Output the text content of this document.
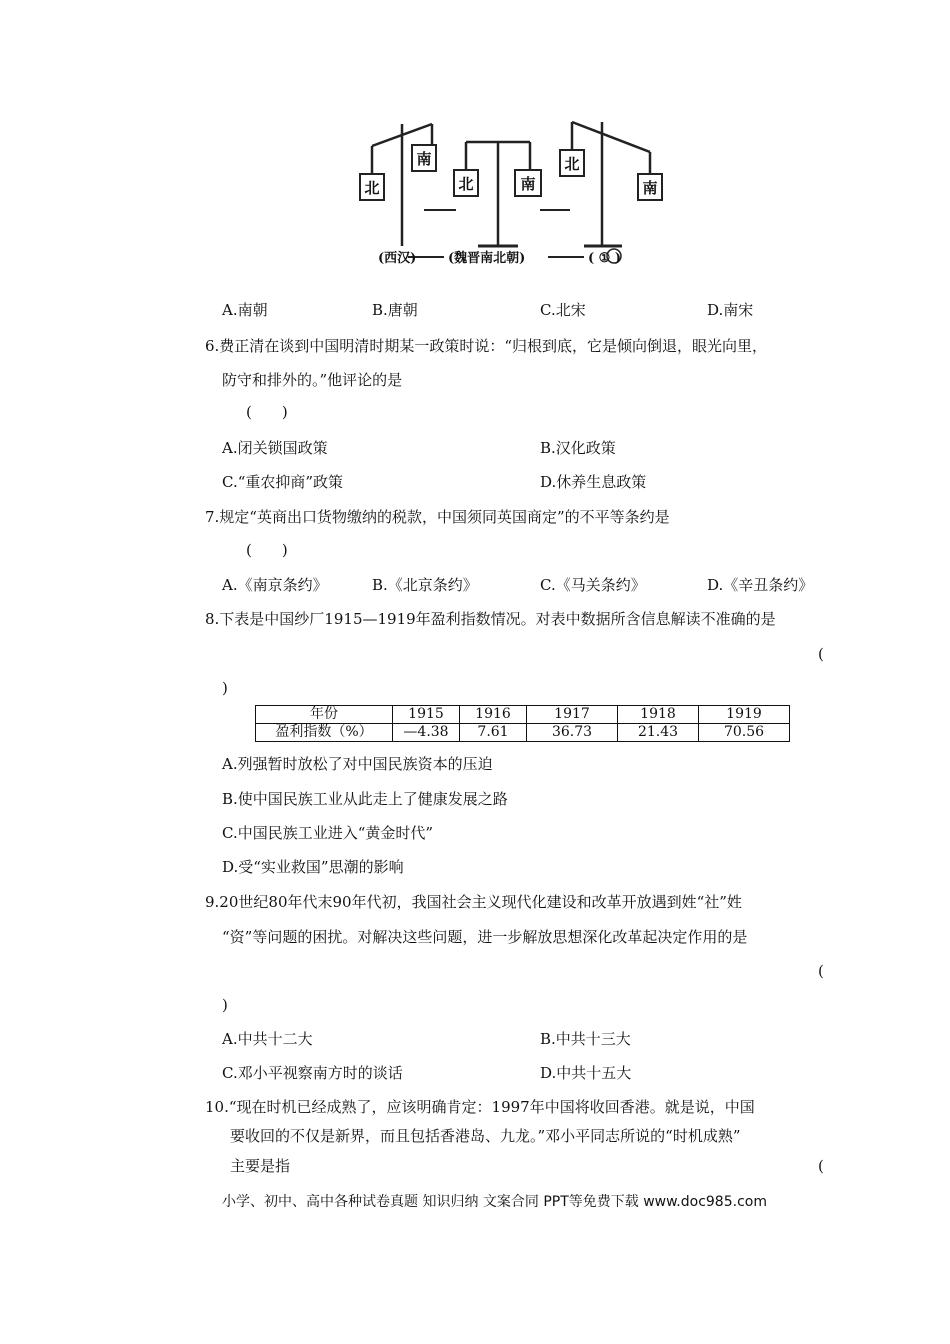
北
南
北	南
北
南
(西汉) (魏晋南北朝)	( ① )
A.南朝	B.唐朝	C.北宋	D.南宋
6.费正清在谈到中国明清时期某一政策时说：“归根到底，它是倾向倒退，眼光向里，
防守和排外的。”他评论的是
(　　)
A.闭关锁国政策	B.汉化政策
C.“重农抑商”政策	D.休养生息政策
7.规定“英商出口货物缴纳的税款，中国须同英国商定”的不平等条约是
(　　)
A.《南京条约》	B.《北京条约》	C.《马关条约》	D.《辛丑条约》
8.下表是中国纱厂1915—1919年盈利指数情况。对表中数据所含信息解读不准确的是
(
)
年份	1915	1916	1917	1918	1919
盈利指数（%）	—4.38	7.61	36.73	21.43	70.56
A.列强暂时放松了对中国民族资本的压迫
B.使中国民族工业从此走上了健康发展之路
C.中国民族工业进入“黄金时代”
D.受“实业救国”思潮的影响
9.20世纪80年代末90年代初，我国社会主义现代化建设和改革开放遇到姓“社”姓
“资”等问题的困扰。对解决这些问题，进一步解放思想深化改革起决定作用的是
(
)
A.中共十二大	B.中共十三大
C.邓小平视察南方时的谈话	D.中共十五大
10.“现在时机已经成熟了，应该明确肯定：1997年中国将收回香港。就是说，中国
要收回的不仅是新界，而且包括香港岛、九龙。”邓小平同志所说的“时机成熟”
主要是指	(
小学、初中、高中各种试卷真题 知识归纳 文案合同 PPT等免费下载 www.doc985.com
